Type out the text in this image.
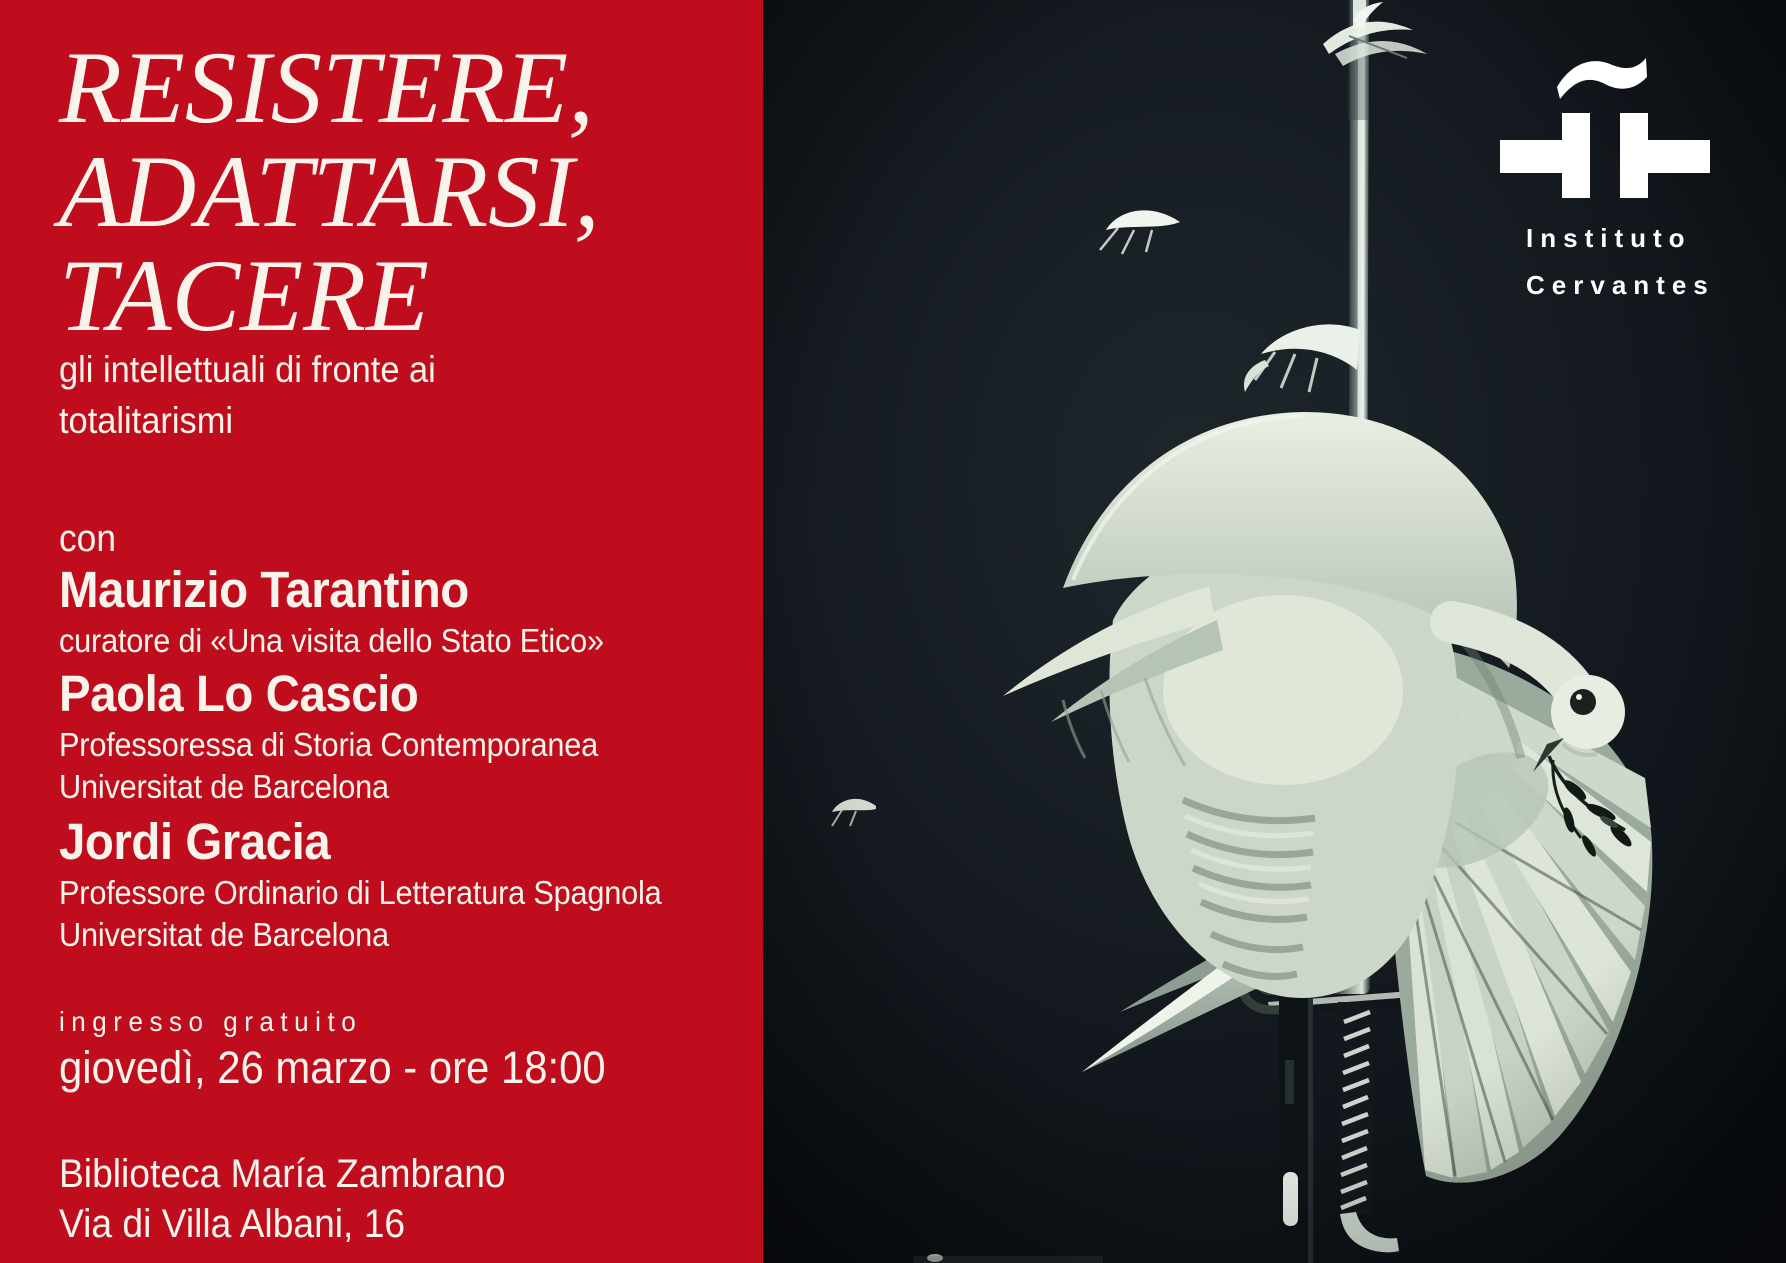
RESISTERE,
ADATTARSI,
TACERE
gli intellettuali di fronte ai
totalitarismi
con
Maurizio Tarantino
curatore di «Una visita dello Stato Etico»
Paola Lo Cascio
Professoressa di Storia Contemporanea
Universitat de Barcelona
Jordi Gracia
Professore Ordinario di Letteratura Spagnola
Universitat de Barcelona
ingresso gratuito
giovedì, 26 marzo - ore 18:00
Biblioteca María Zambrano
Via di Villa Albani, 16
Instituto
Cervantes
